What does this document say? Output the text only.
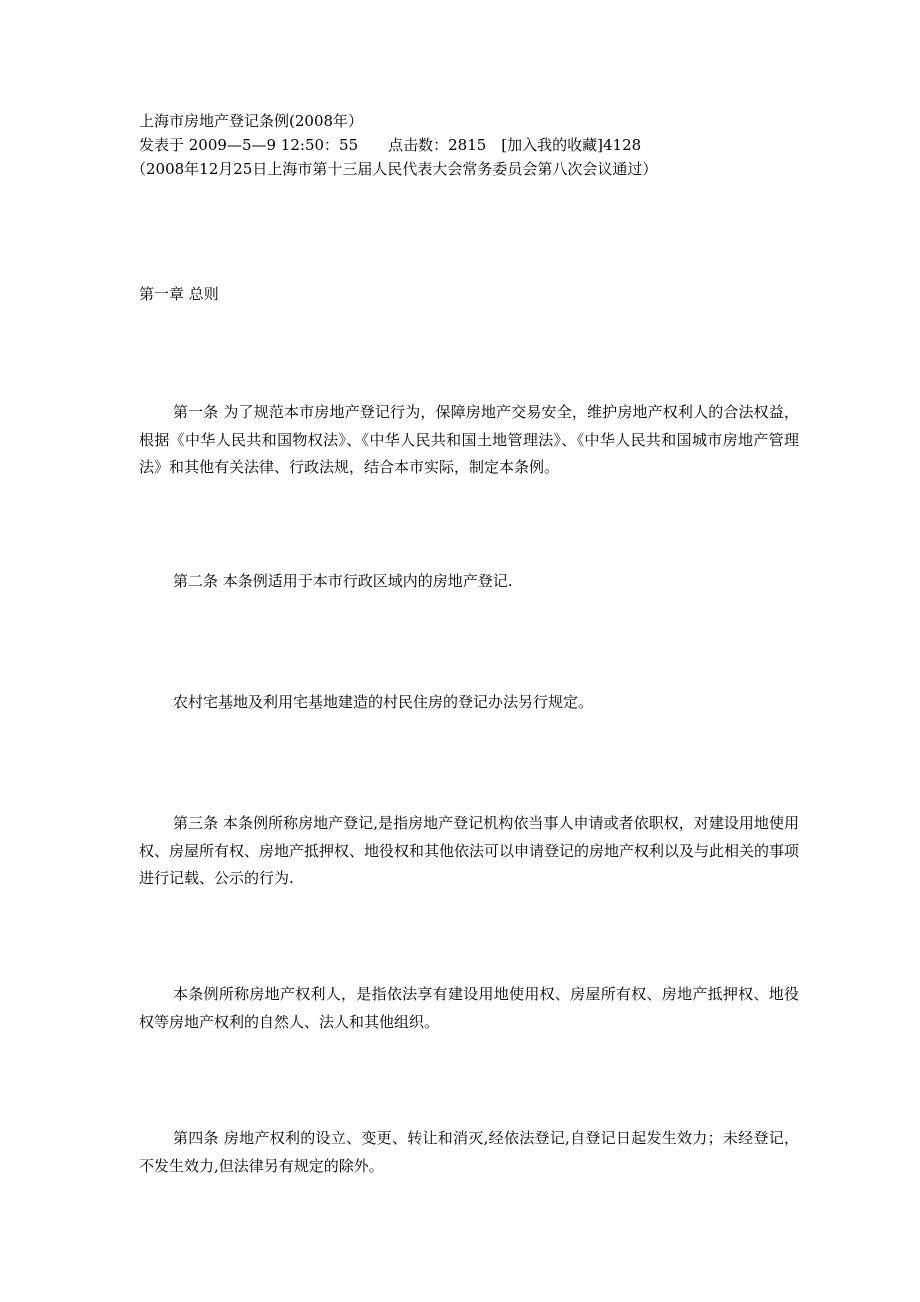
上海市房地产登记条例(2008年）
发表于 2009—5—9 12:50：55　　点击数：2815　[加入我的收藏]4128
（2008年12月25日上海市第十三届人民代表大会常务委员会第八次会议通过）
第一章 总则

第一条 为了规范本市房地产登记行为，保障房地产交易安全，维护房地产权利人的合法权益，根据《中华人民共和国物权法》、《中华人民共和国土地管理法》、《中华人民共和国城市房地产管理法》和其他有关法律、行政法规，结合本市实际，制定本条例。

第二条 本条例适用于本市行政区域内的房地产登记.

农村宅基地及利用宅基地建造的村民住房的登记办法另行规定。

第三条 本条例所称房地产登记,是指房地产登记机构依当事人申请或者依职权，对建设用地使用权、房屋所有权、房地产抵押权、地役权和其他依法可以申请登记的房地产权利以及与此相关的事项进行记载、公示的行为.

本条例所称房地产权利人，是指依法享有建设用地使用权、房屋所有权、房地产抵押权、地役权等房地产权利的自然人、法人和其他组织。

第四条 房地产权利的设立、变更、转让和消灭,经依法登记,自登记日起发生效力；未经登记，不发生效力,但法律另有规定的除外。
